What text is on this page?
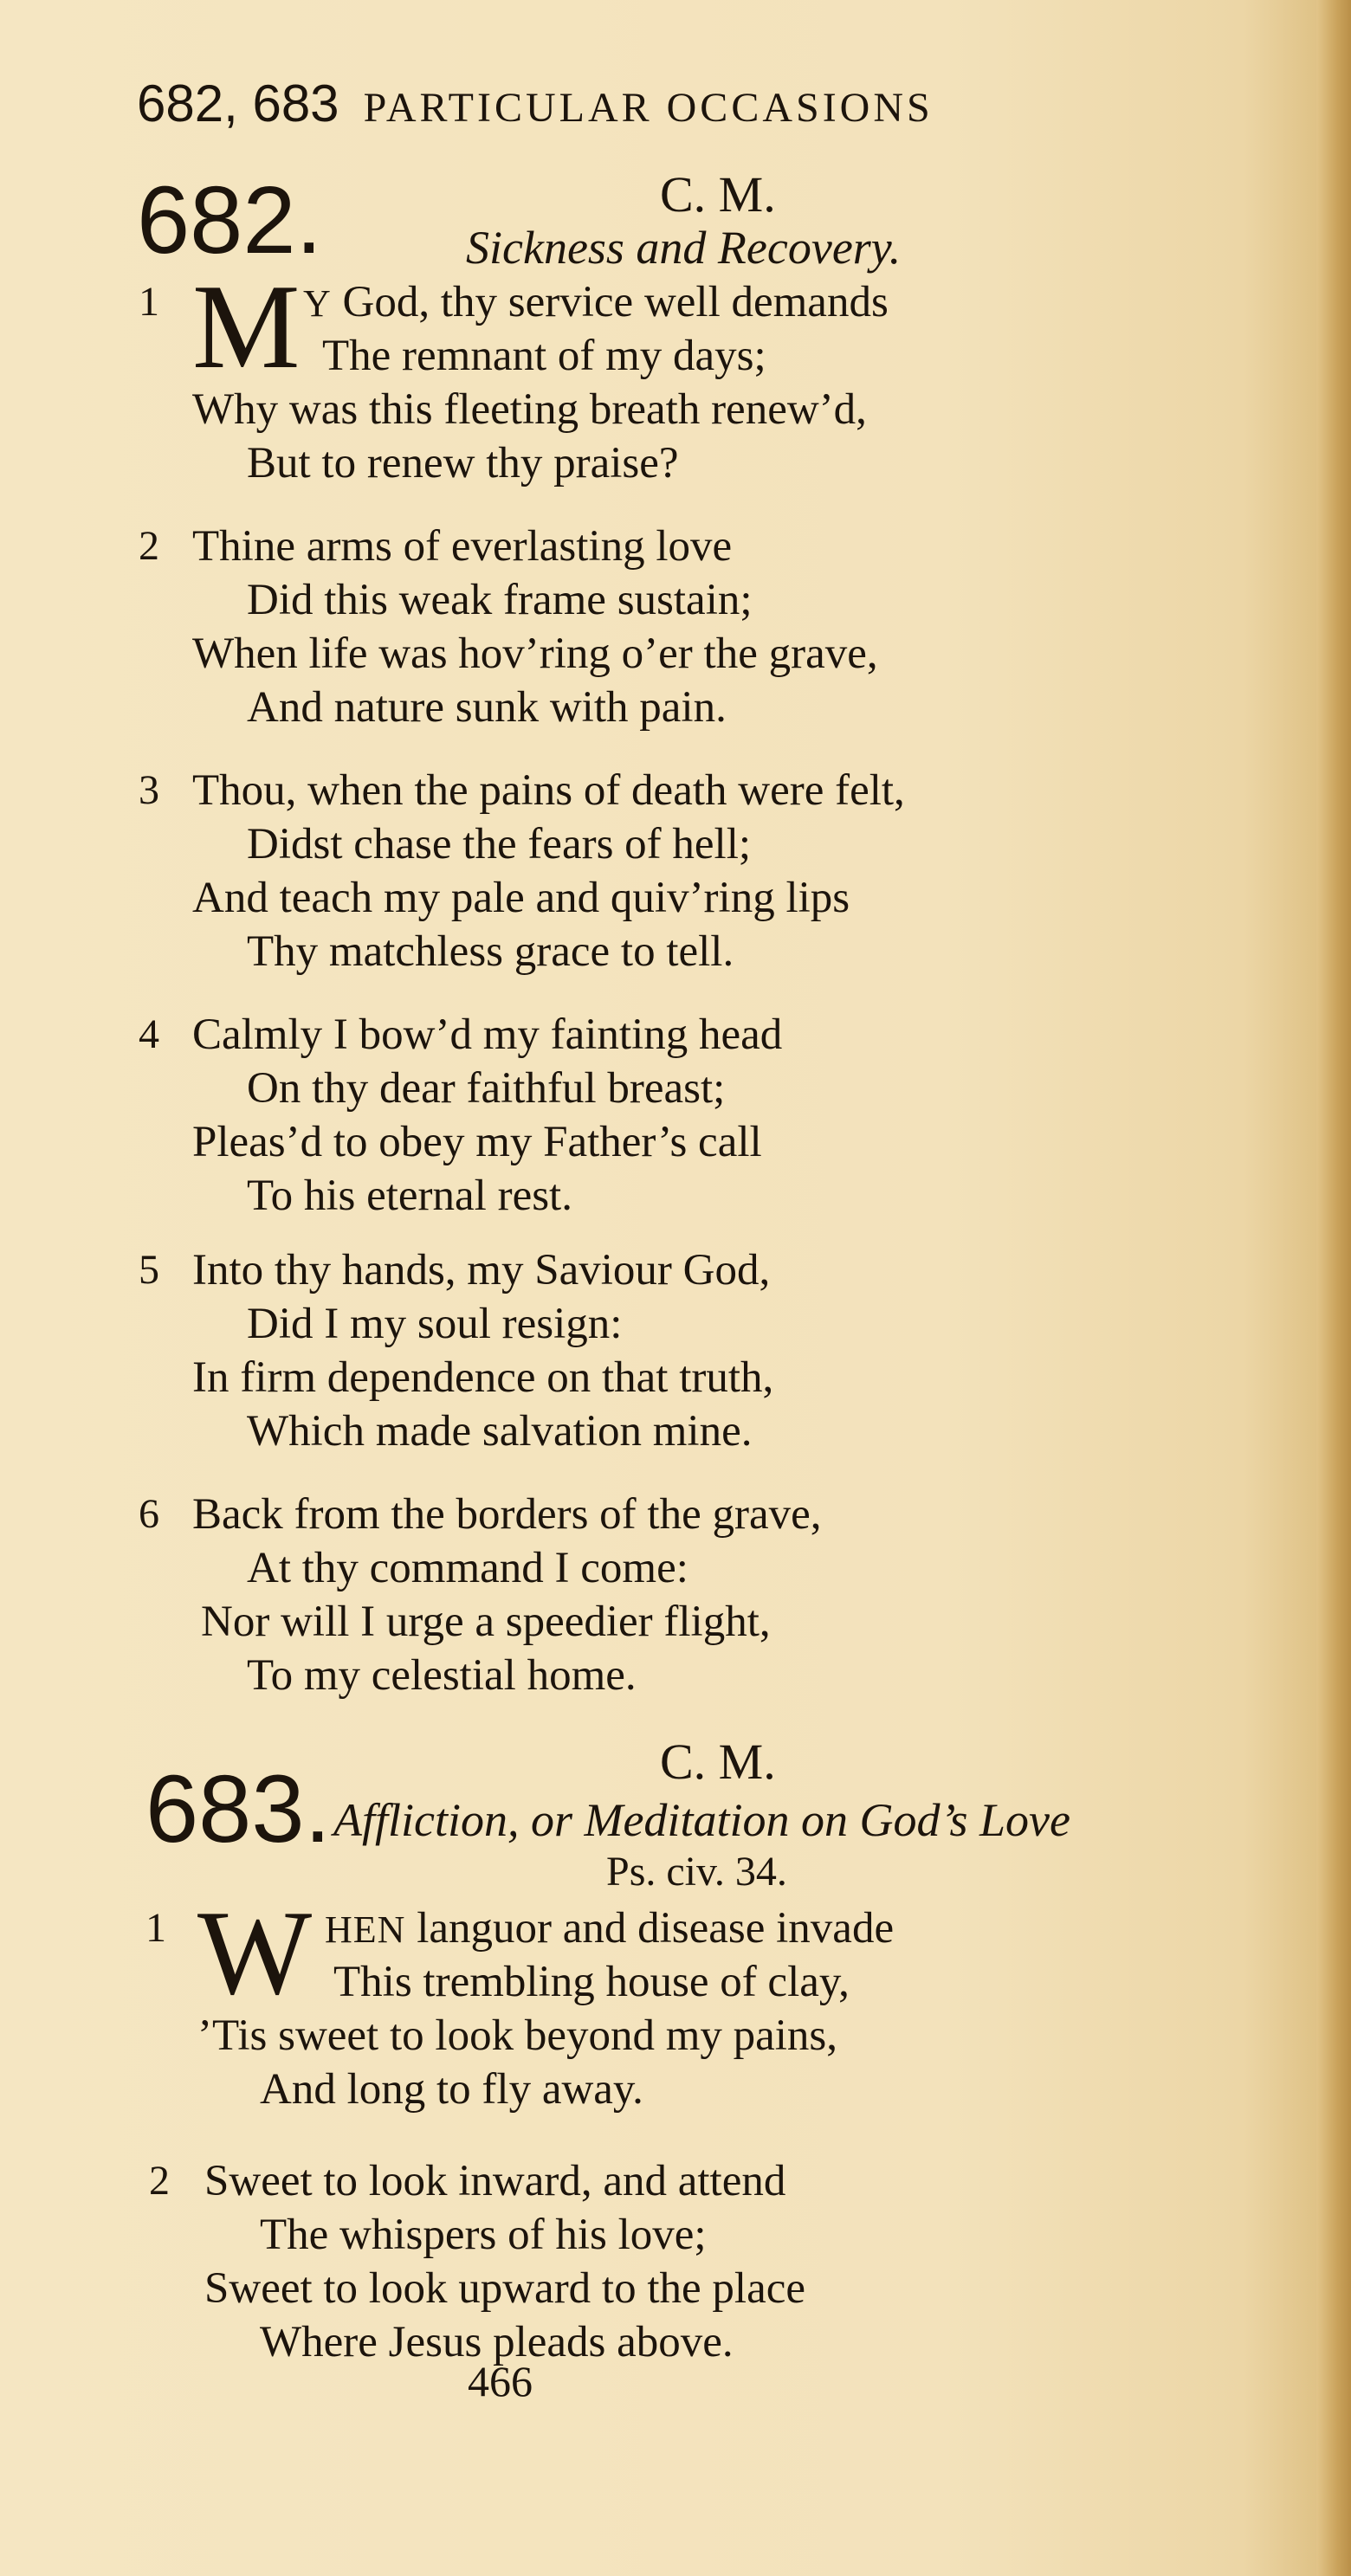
682, 683 PARTICULAR OCCASIONS
682.	C. M.
Sickness and Recovery.
1 M Y God, thy service well demands
The remnant of my days;
Why was this fleeting breath renew’d,
But to renew thy praise?
2 Thine arms of everlasting love
Did this weak frame sustain;
When life was hov’ring o’er the grave,
And nature sunk with pain.
3 Thou, when the pains of death were felt,
Didst chase the fears of hell;
And teach my pale and quiv’ring lips
Thy matchless grace to tell.
4 Calmly I bow’d my fainting head
On thy dear faithful breast;
Pleas’d to obey my Father’s call
To his eternal rest.
5 Into thy hands, my Saviour God,
Did I my soul resign:
In firm dependence on that truth,
Which made salvation mine.
6 Back from the borders of the grave,
At thy command I come:
Nor will I urge a speedier flight,
To my celestial home.
683.	C. M.
Affliction, or Meditation on God’s Love
Ps. civ. 34.
1 W HEN languor and disease invade
This trembling house of clay,
’Tis sweet to look beyond my pains,
And long to fly away.
2 Sweet to look inward, and attend
The whispers of his love;
Sweet to look upward to the place
Where Jesus pleads above.
466
